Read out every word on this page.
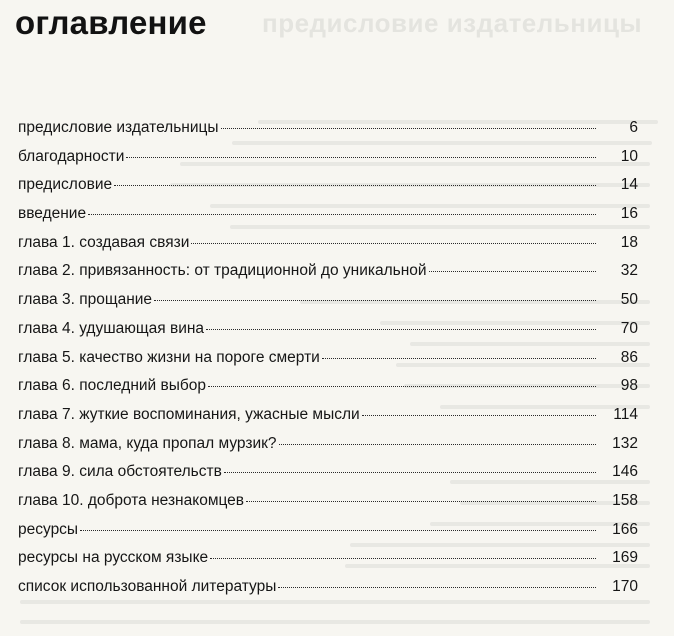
предисловие издательницы
оглавление
предисловие издательницы	6
благодарности	10
предисловие	14
введение	16
глава 1. создавая связи	18
глава 2. привязанность: от традиционной до уникальной	32
глава 3. прощание	50
глава 4. удушающая вина	70
глава 5. качество жизни на пороге смерти	86
глава 6. последний выбор	98
глава 7. жуткие воспоминания, ужасные мысли	114
глава 8. мама, куда пропал мурзик?	132
глава 9. сила обстоятельств	146
глава 10. доброта незнакомцев	158
ресурсы	166
ресурсы на русском языке	169
список использованной литературы	170
